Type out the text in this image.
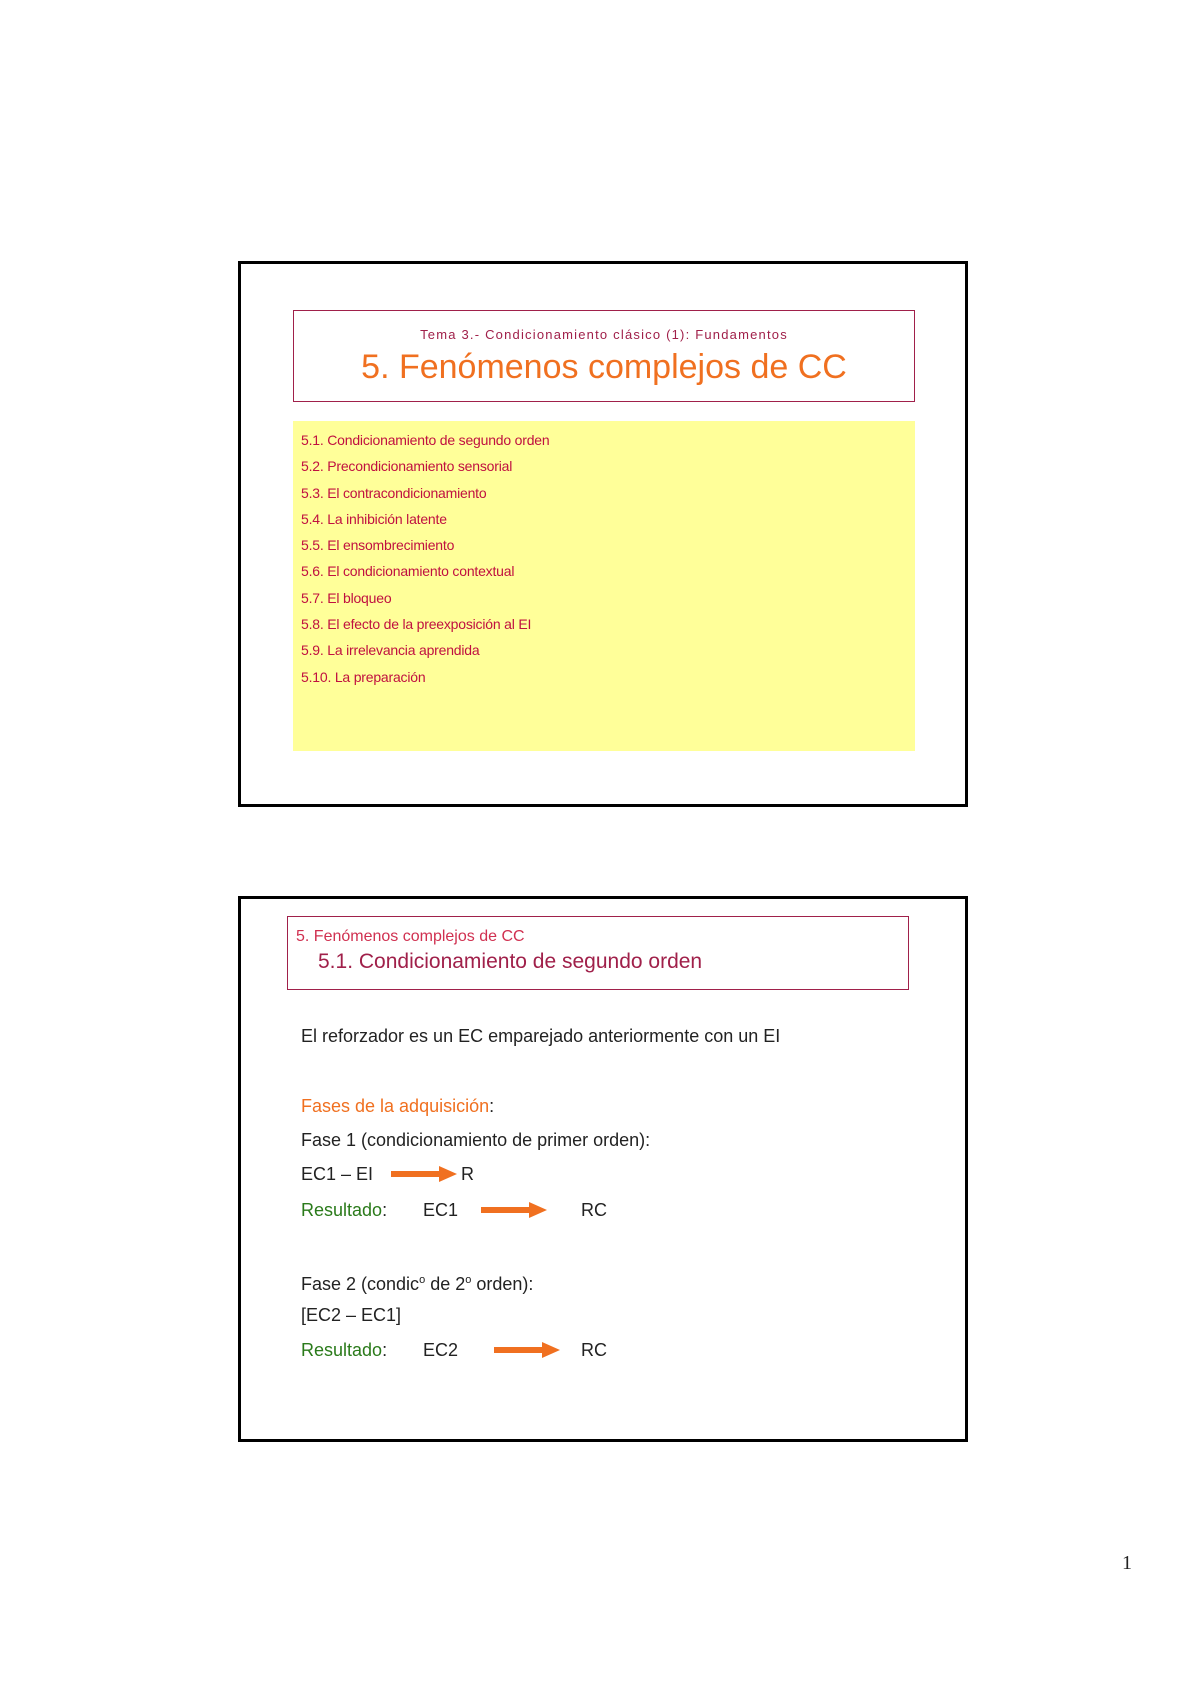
Tema 3.- Condicionamiento clásico (1): Fundamentos
5. Fenómenos complejos de CC
5.1. Condicionamiento de segundo orden
5.2. Precondicionamiento sensorial
5.3. El contracondicionamiento
5.4. La inhibición latente
5.5. El ensombrecimiento
5.6. El condicionamiento contextual
5.7. El bloqueo
5.8. El efecto de la preexposición al EI
5.9. La irrelevancia aprendida
5.10. La preparación
5. Fenómenos complejos de CC
5.1. Condicionamiento de segundo orden
El reforzador es un EC emparejado anteriormente con un EI
Fases de la adquisición:
Fase 1 (condicionamiento de primer orden):
EC1 – EI	R
Resultado: EC1	RC
Fase 2 (condic$^o$ de 2$^o$ orden):
[EC2 – EC1]
Resultado: EC2	RC
1
